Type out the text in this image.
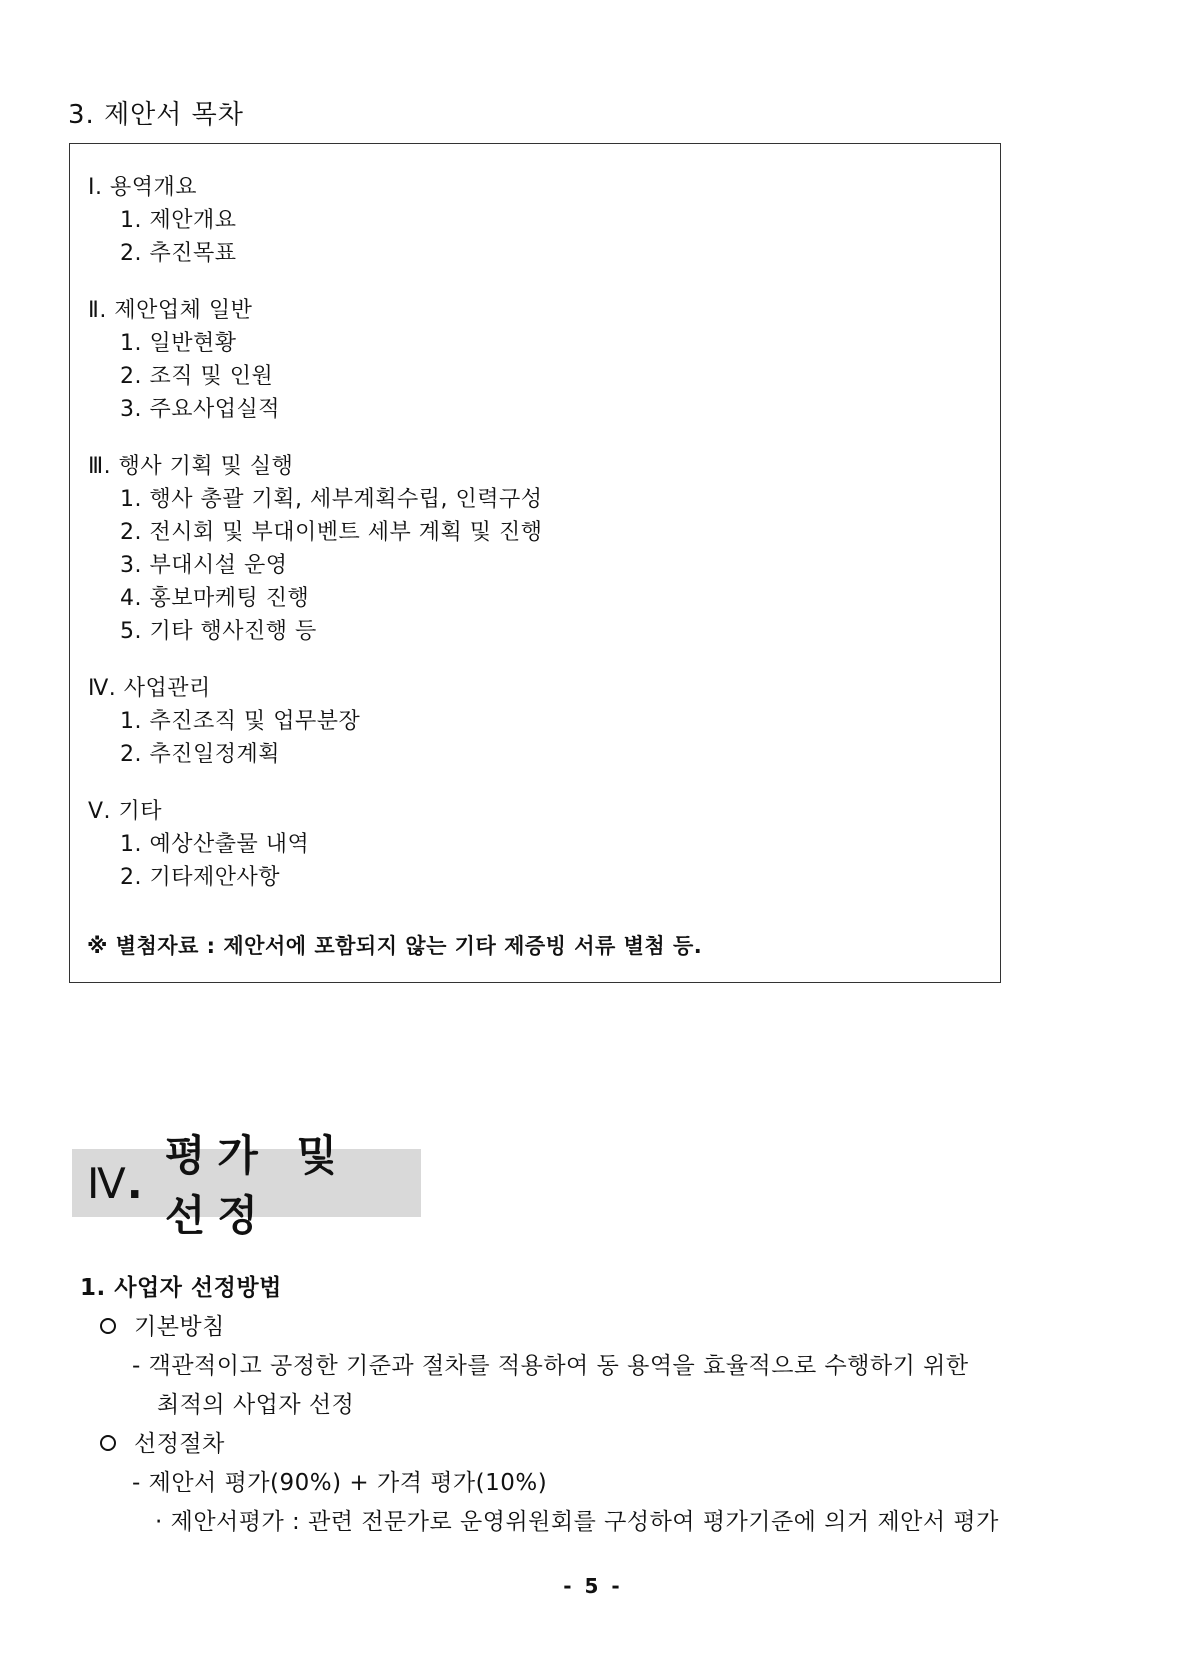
3. 제안서 목차
Ⅰ. 용역개요
1. 제안개요
2. 추진목표
Ⅱ. 제안업체 일반
1. 일반현황
2. 조직 및 인원
3. 주요사업실적
Ⅲ. 행사 기획 및 실행
1. 행사 총괄 기획, 세부계획수립, 인력구성
2. 전시회 및 부대이벤트 세부 계획 및 진행
3. 부대시설 운영
4. 홍보마케팅 진행
5. 기타 행사진행 등
Ⅳ. 사업관리
1. 추진조직 및 업무분장
2. 추진일정계획
Ⅴ. 기타
1. 예상산출물 내역
2. 기타제안사항
※ 별첨자료 : 제안서에 포함되지 않는 기타 제증빙 서류 별첨 등.
Ⅳ .
평가 및 선정
1. 사업자 선정방법
기본방침
- 객관적이고 공정한 기준과 절차를 적용하여 동 용역을 효율적으로 수행하기 위한
최적의 사업자 선정
선정절차
- 제안서 평가(90%) + 가격 평가(10%)
· 제안서평가 : 관련 전문가로 운영위원회를 구성하여 평가기준에 의거 제안서 평가
- 5 -
